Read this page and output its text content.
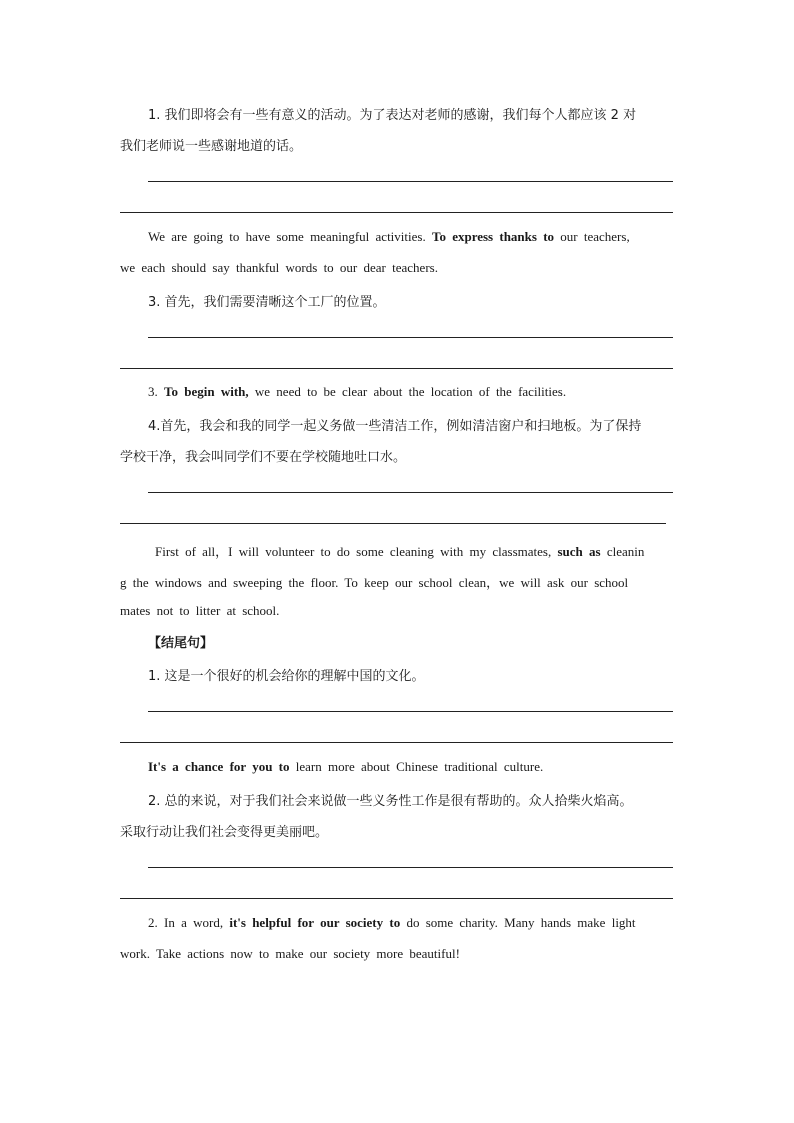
1. 我们即将会有一些有意义的活动。为了表达对老师的感谢，我们每个人都应该 2 对
我们老师说一些感谢地道的话。
We are going to have some meaningful activities. To express thanks to our teachers,
we each should say thankful words to our dear teachers.
3. 首先，我们需要清晰这个工厂的位置。
3. To begin with, we need to be clear about the location of the facilities.
4.首先，我会和我的同学一起义务做一些清洁工作，例如清洁窗户和扫地板。为了保持
学校干净，我会叫同学们不要在学校随地吐口水。
First of all，I will volunteer to do some cleaning with my classmates, such as cleanin
g the windows and sweeping the floor. To keep our school clean，we will ask our school
mates not to litter at school.
【结尾句】
1. 这是一个很好的机会给你的理解中国的文化。
It's a chance for you to learn more about Chinese traditional culture.
2. 总的来说，对于我们社会来说做一些义务性工作是很有帮助的。众人拾柴火焰高。
采取行动让我们社会变得更美丽吧。
2. In a word, it's helpful for our society to do some charity. Many hands make light
work. Take actions now to make our society more beautiful!
